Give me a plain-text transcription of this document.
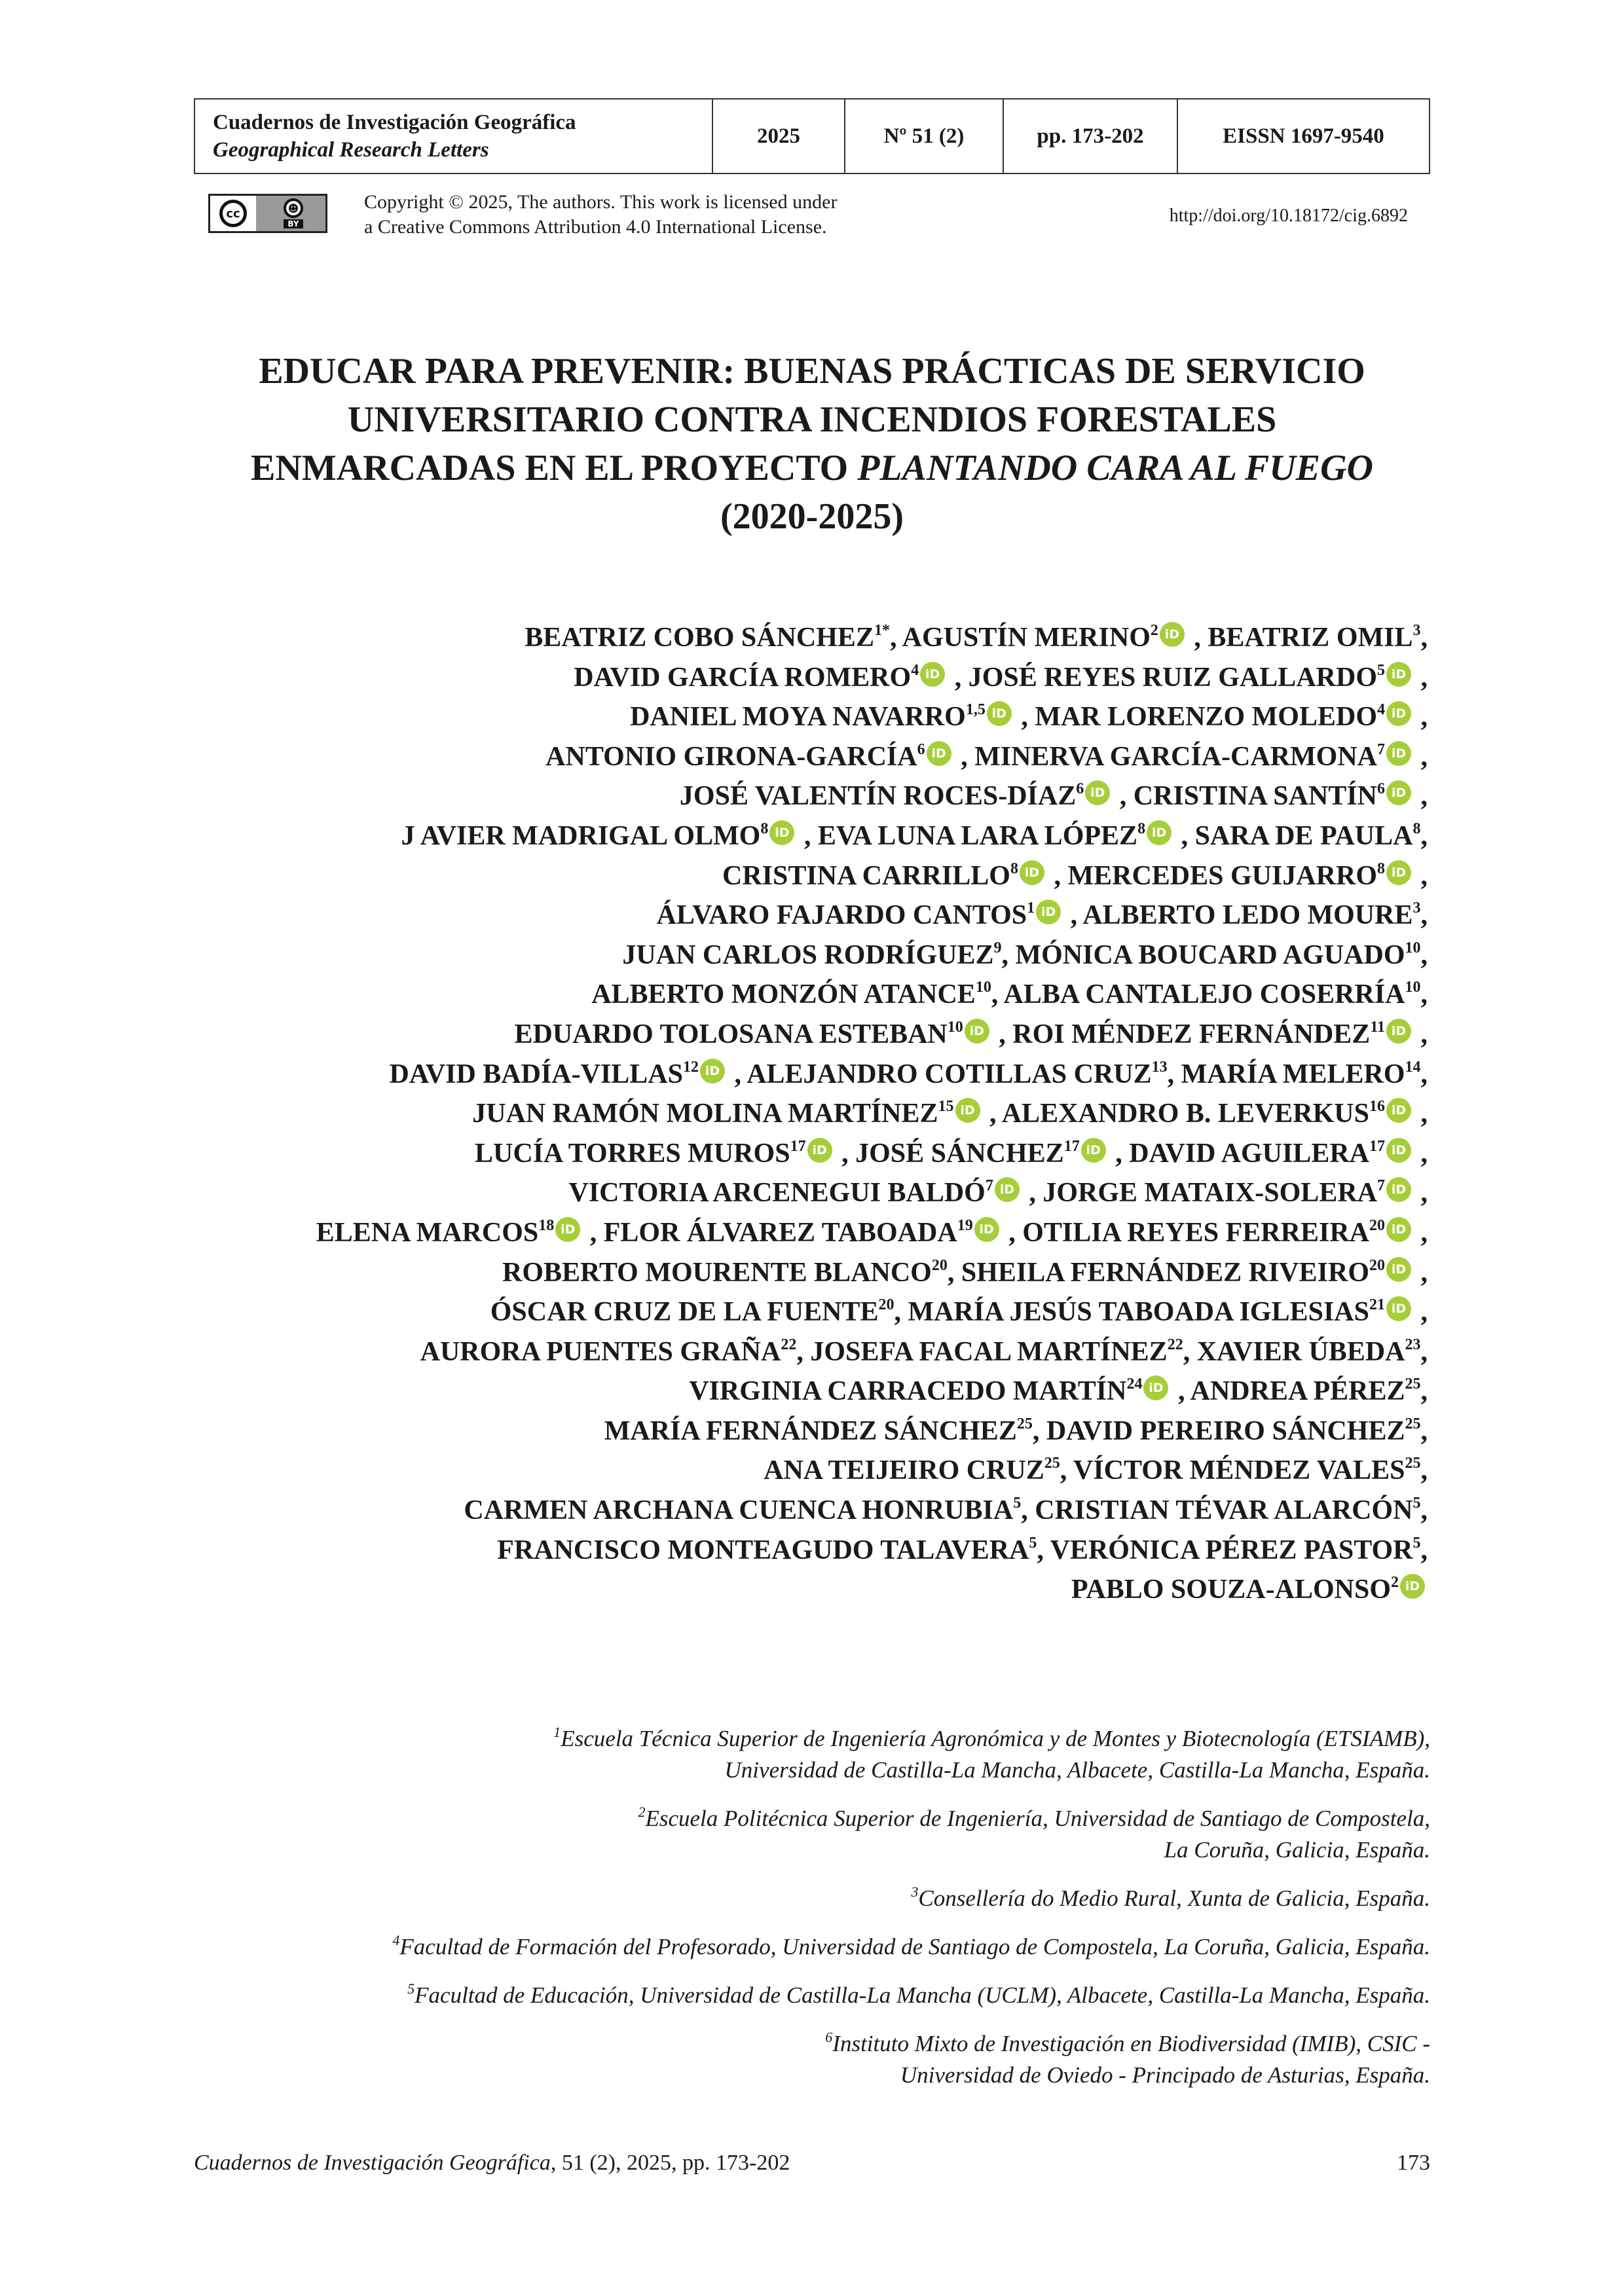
Cuadernos de Investigación Geográfica
Geographical Research Letters
	2025	Nº 51 (2)	pp. 173-202	EISSN 1697-9540
cc	☻
BY
Copyright © 2025, The authors. This work is licensed under
a Creative Commons Attribution 4.0 International License.
http://doi.org/10.18172/cig.6892
EDUCAR PARA PREVENIR: BUENAS PRÁCTICAS DE SERVICIO
UNIVERSITARIO CONTRA INCENDIOS FORESTALES
ENMARCADAS EN EL PROYECTO PLANTANDO CARA AL FUEGO
(2020-2025)
BEATRIZ COBO $SÁNCHEZ^{1*}$, AGUSTÍN MERINO$^2$ iD , BEATRIZ OMIL$^3$,
DAVID GARCÍA ROMERO$^4$ iD , JOSÉ REYES RUIZ GALLARDO$^5$ iD ,
DANIEL MOYA NAVARRO$^{1,5}$ iD , MAR LORENZO MOLEDO$^4$ iD ,
ANTONIO GIRONA-GARCÍA$^6$ iD , MINERVA GARCÍA-CARMONA$^7$ iD ,
JOSÉ VALENTÍN ROCES-DÍAZ$^6$ iD , CRISTINA SANTÍN$^6$ iD ,
J AVIER MADRIGAL OLMO$^8$ iD , EVA LUNA LARA LÓPEZ$^8$ iD , SARA DE PAULA$^8$,
CRISTINA CARRILLO$^8$ iD , MERCEDES GUIJARRO$^8$ iD ,
ÁLVARO FAJARDO CANTOS$^1$ iD , ALBERTO LEDO MOURE$^3$,
JUAN CARLOS RODRÍGUEZ$^9$, MÓNICA BOUCARD AGUADO$^{10}$,
ALBERTO MONZÓN ATANCE$^{10}$, ALBA CANTALEJO COSERRÍA$^{10}$,
EDUARDO TOLOSANA ESTEBAN$^{10}$ iD , ROI MÉNDEZ FERNÁNDEZ$^{11}$ iD ,
DAVID BADÍA-VILLAS$^{12}$ iD , ALEJANDRO COTILLAS CRUZ$^{13}$, MARÍA MELERO$^{14}$,
JUAN RAMÓN MOLINA MARTÍNEZ$^{15}$ iD , ALEXANDRO B. LEVERKUS$^{16}$ iD ,
LUCÍA TORRES MUROS$^{17}$ iD , JOSÉ SÁNCHEZ$^{17}$ iD , DAVID AGUILERA$^{17}$ iD ,
VICTORIA ARCENEGUI BALDÓ$^7$ iD , JORGE MATAIX-SOLERA$^7$ iD ,
ELENA MARCOS$^{18}$ iD , FLOR ÁLVAREZ TABOADA$^{19}$ iD , OTILIA REYES FERREIRA$^{20}$ iD ,
ROBERTO MOURENTE BLANCO$^{20}$, SHEILA FERNÁNDEZ RIVEIRO$^{20}$ iD ,
ÓSCAR CRUZ DE LA FUENTE$^{20}$, MARÍA JESÚS TABOADA IGLESIAS$^{21}$ iD ,
AURORA PUENTES GRAÑA$^{22}$, JOSEFA FACAL MARTÍNEZ$^{22}$, XAVIER ÚBEDA$^{23}$,
VIRGINIA CARRACEDO MARTÍN$^{24}$ iD , ANDREA PÉREZ$^{25}$,
MARÍA FERNÁNDEZ SÁNCHEZ$^{25}$, DAVID PEREIRO SÁNCHEZ$^{25}$,
ANA TEIJEIRO CRUZ$^{25}$, VÍCTOR MÉNDEZ VALES$^{25}$,
CARMEN ARCHANA CUENCA HONRUBIA$^5$, CRISTIAN TÉVAR ALARCÓN$^5$,
FRANCISCO MONTEAGUDO TALAVERA$^5$, VERÓNICA PÉREZ PASTOR$^5$,
PABLO SOUZA-ALONSO$^2$ iD

$^1$Escuela Técnica Superior de Ingeniería Agronómica y de Montes y Biotecnología (ETSIAMB),
Universidad de Castilla-La Mancha, Albacete, Castilla-La Mancha, España.

$^2$Escuela Politécnica Superior de Ingeniería, Universidad de Santiago de Compostela,
La Coruña, Galicia, España.

$^3$Consellería do Medio Rural, Xunta de Galicia, España.

$^4$Facultad de Formación del Profesorado, Universidad de Santiago de Compostela, La Coruña, Galicia, España.

$^5$Facultad de Educación, Universidad de Castilla-La Mancha (UCLM), Albacete, Castilla-La Mancha, España.

$^6$Instituto Mixto de Investigación en Biodiversidad (IMIB), CSIC -
Universidad de Oviedo - Principado de Asturias, España.

Cuadernos de Investigación Geográfica, 51 (2), 2025, pp. 173-202	173
